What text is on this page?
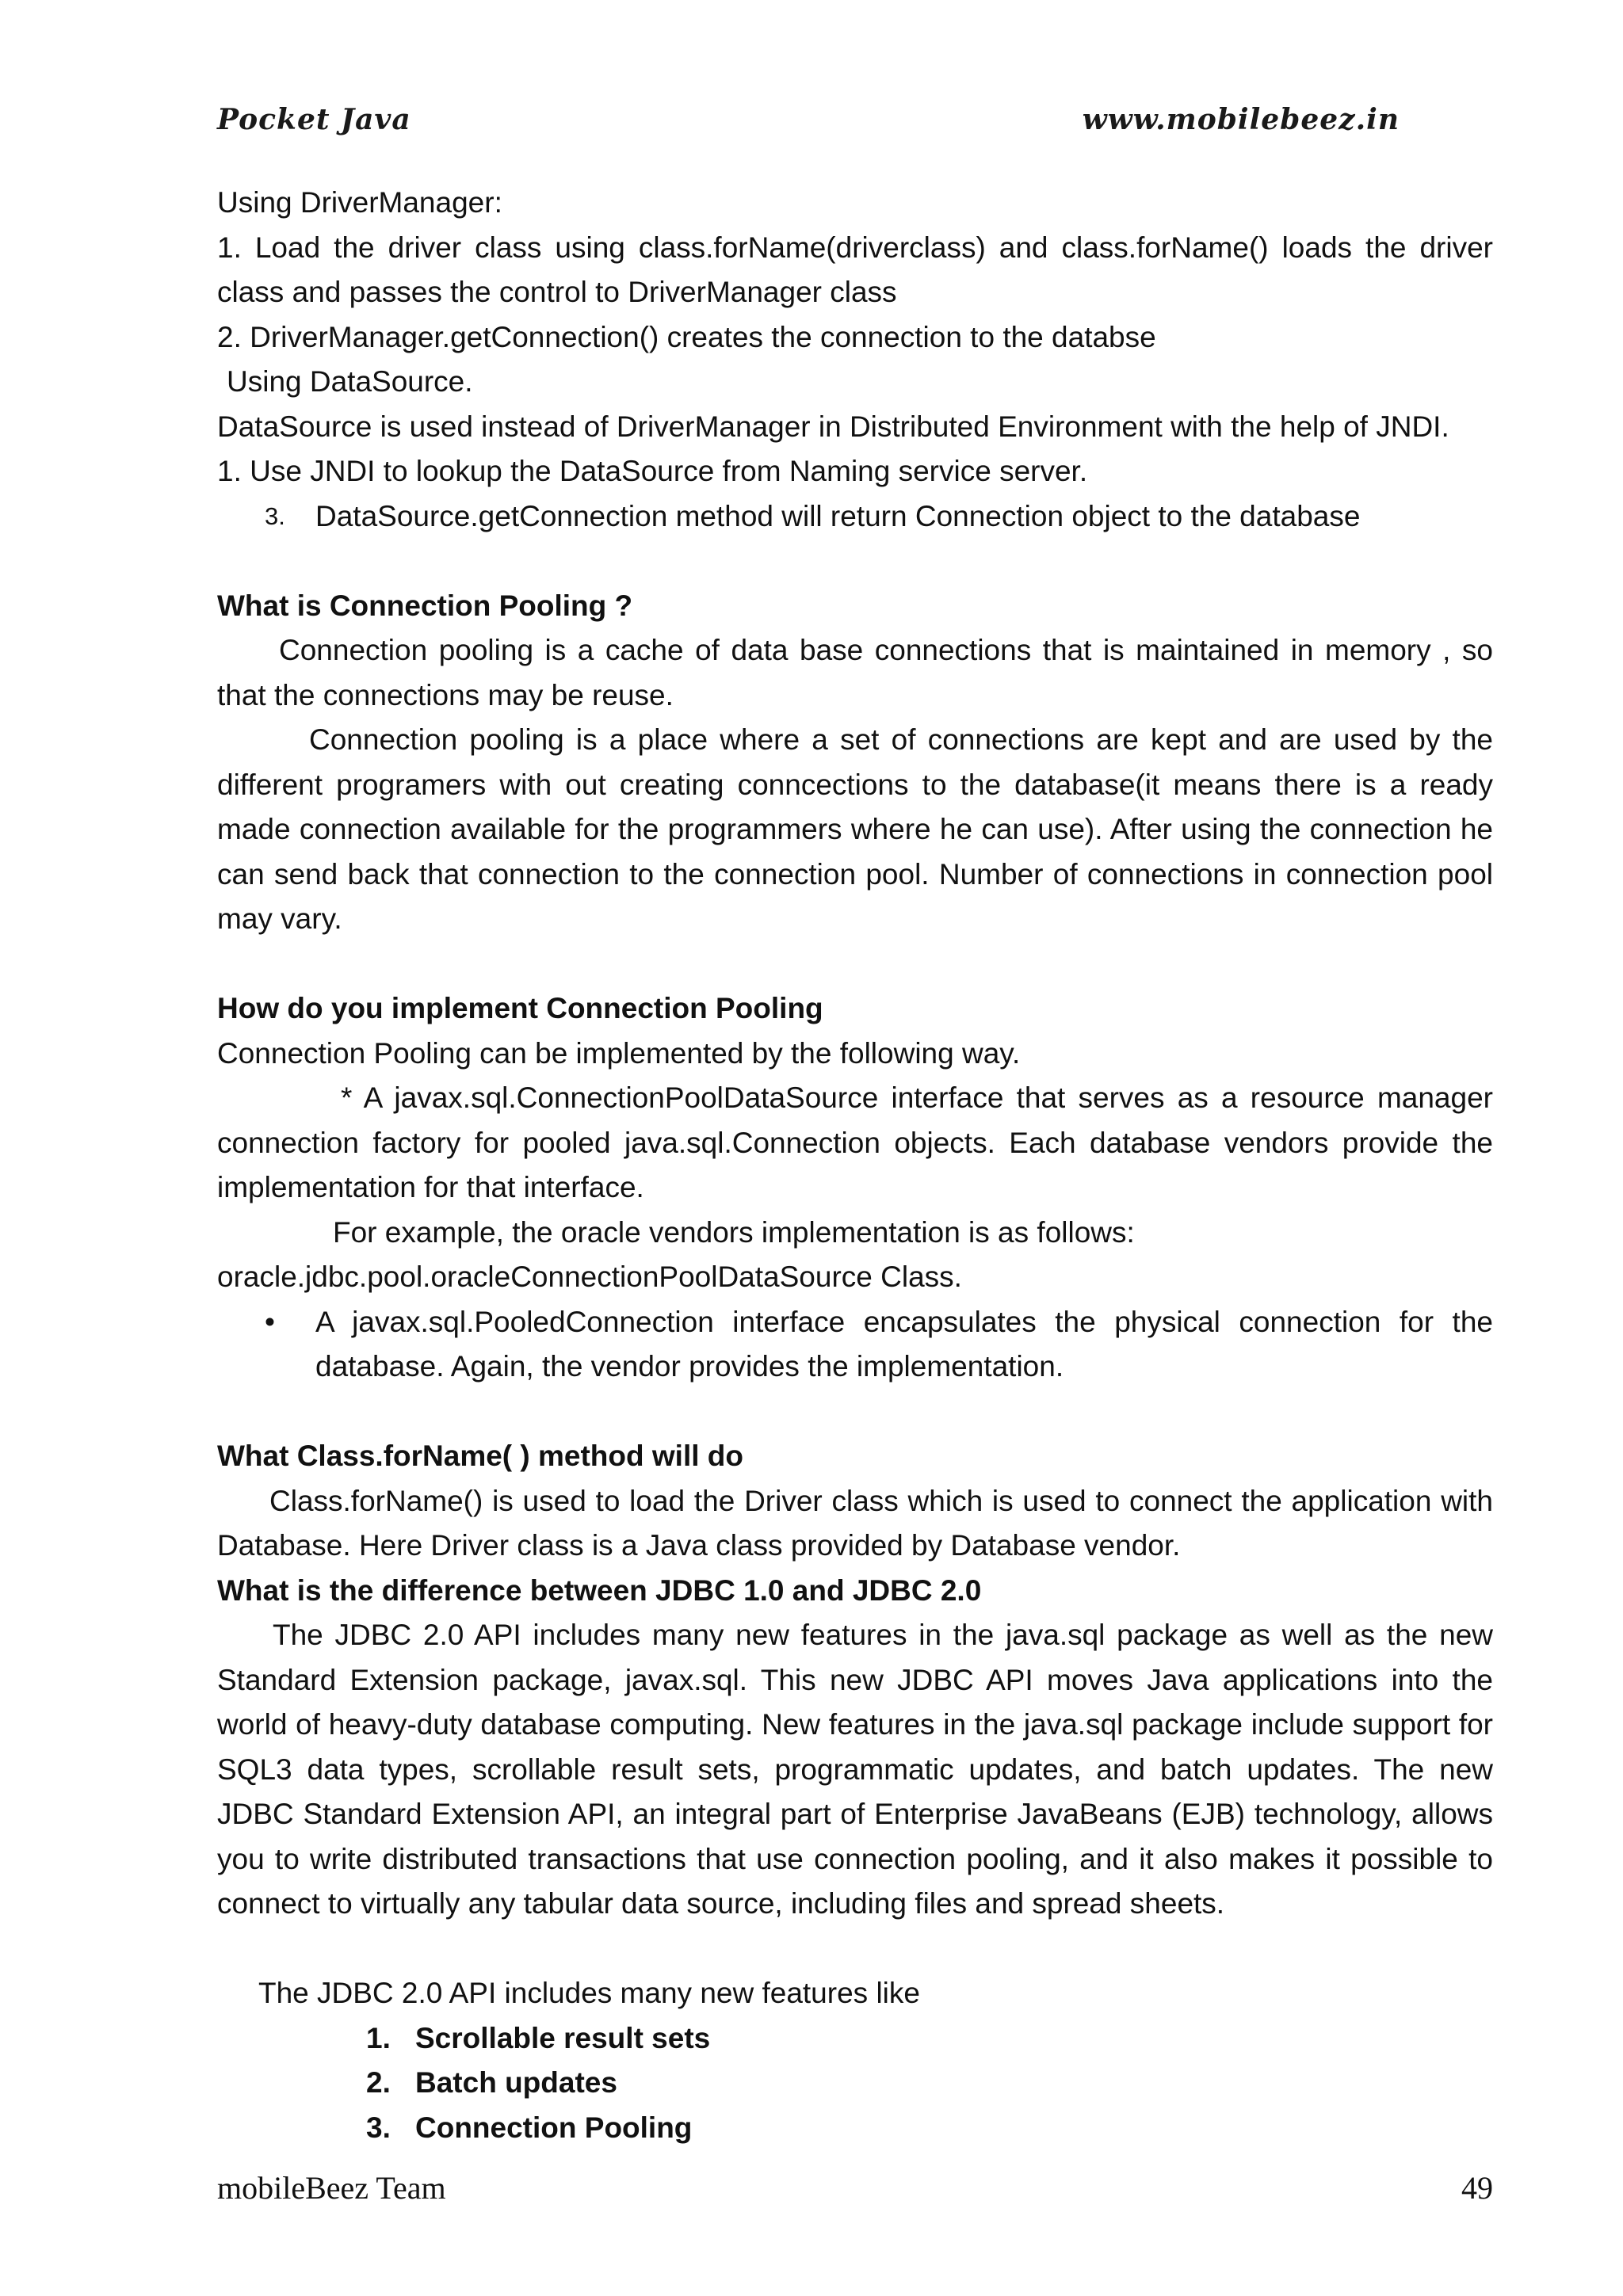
Pocket Java	www.mobilebeez.in
Using DriverManager:
1. Load the driver class using class.forName(driverclass) and class.forName() loads the driver
class and passes the control to DriverManager class
2. DriverManager.getConnection() creates the connection to the databse
Using DataSource.
DataSource is used instead of DriverManager in Distributed Environment with the help of JNDI.
1. Use JNDI to lookup the DataSource from Naming service server.
3.	DataSource.getConnection method will return Connection object to the database
What is Connection Pooling ?
Connection pooling is a cache of data base connections that is maintained in memory , so that the connections may be reuse.
Connection pooling is a place where a set of connections are kept and are used by the different programers with out creating conncections to the database(it means there is a ready made connection available for the programmers where he can use). After using the connection he can send back that connection to the connection pool. Number of connections in connection pool may vary.
How do you implement Connection Pooling
Connection Pooling can be implemented by the following way.
* A javax.sql.ConnectionPoolDataSource interface that serves as a resource manager connection factory for pooled java.sql.Connection objects. Each database vendors provide the implementation for that interface.
For example, the oracle vendors implementation is as follows:
oracle.jdbc.pool.oracleConnectionPoolDataSource Class.
•	A javax.sql.PooledConnection interface encapsulates the physical connection for the database. Again, the vendor provides the implementation.
What Class.forName( ) method will do
Class.forName() is used to load the Driver class which is used to connect the application with Database. Here Driver class is a Java class provided by Database vendor.
What is the difference between JDBC 1.0 and JDBC 2.0
The JDBC 2.0 API includes many new features in the java.sql package as well as the new Standard Extension package, javax.sql. This new JDBC API moves Java applications into the world of heavy-duty database computing. New features in the java.sql package include support for SQL3 data types, scrollable result sets, programmatic updates, and batch updates. The new JDBC Standard Extension API, an integral part of Enterprise JavaBeans (EJB) technology, allows you to write distributed transactions that use connection pooling, and it also makes it possible to connect to virtually any tabular data source, including files and spread sheets.
The JDBC 2.0 API includes many new features like
1. Scrollable result sets
2. Batch updates
3. Connection Pooling
mobileBeez Team	49
